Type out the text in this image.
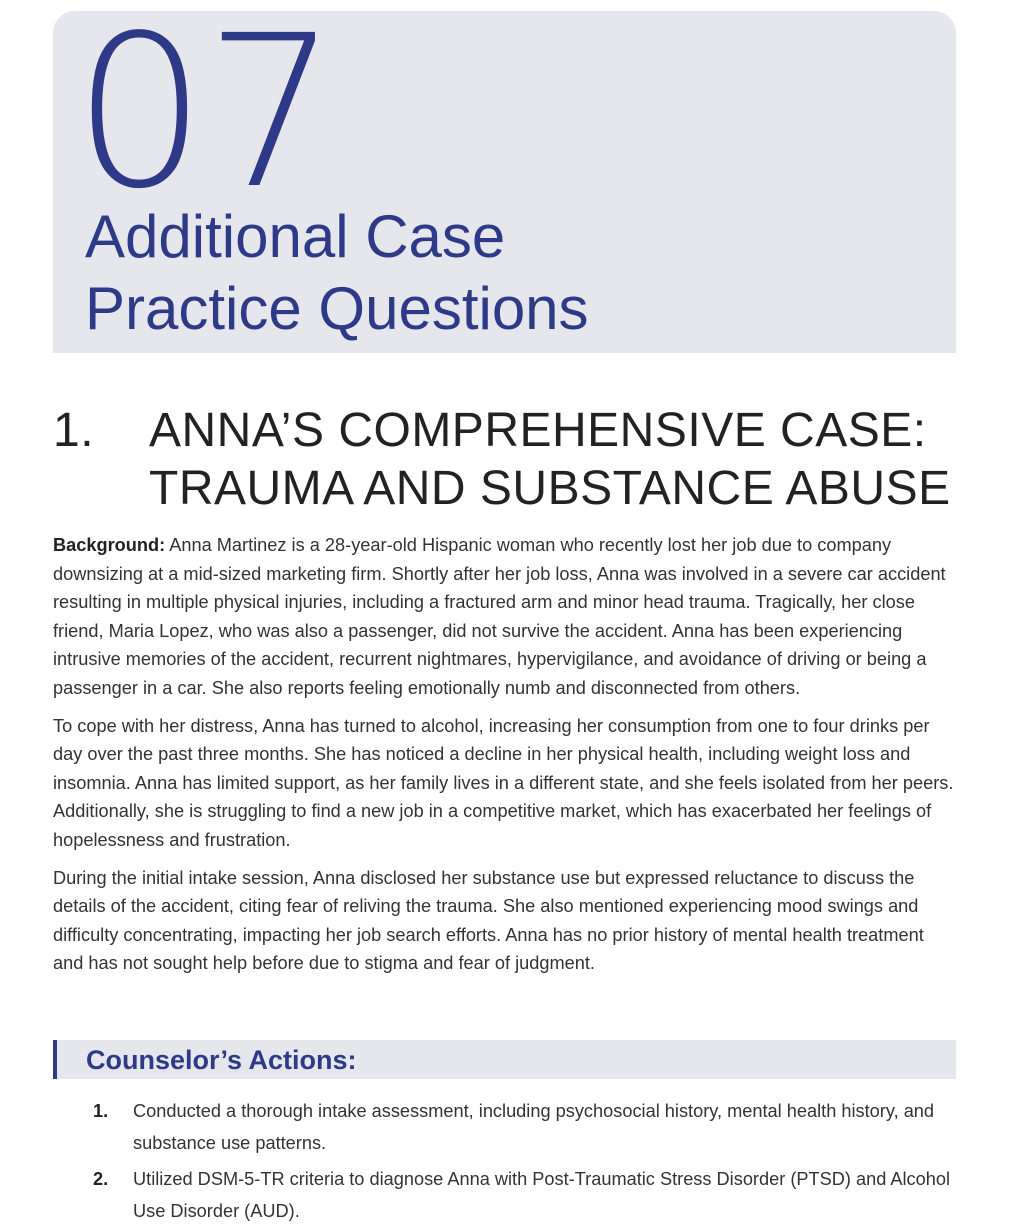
07
Additional Case
Practice Questions
1. ANNA’S COMPREHENSIVE CASE:
TRAUMA AND SUBSTANCE ABUSE

Background: Anna Martinez is a 28-year-old Hispanic woman who recently lost her job due to company downsizing at a mid-sized marketing firm. Shortly after her job loss, Anna was involved in a severe car accident resulting in multiple physical injuries, including a fractured arm and minor head trauma. Tragically, her close friend, Maria Lopez, who was also a passenger, did not survive the accident. Anna has been experiencing intrusive memories of the accident, recurrent nightmares, hypervigilance, and avoidance of driving or being a passenger in a car. She also reports feeling emotionally numb and disconnected from others.

To cope with her distress, Anna has turned to alcohol, increasing her consumption from one to four drinks per day over the past three months. She has noticed a decline in her physical health, including weight loss and insomnia. Anna has limited support, as her family lives in a different state, and she feels isolated from her peers. Additionally, she is struggling to find a new job in a competitive market, which has exacerbated her feelings of hopelessness and frustration.

During the initial intake session, Anna disclosed her substance use but expressed reluctance to discuss the details of the accident, citing fear of reliving the trauma. She also mentioned experiencing mood swings and difficulty concentrating, impacting her job search efforts. Anna has no prior history of mental health treatment and has not sought help before due to stigma and fear of judgment.

Counselor’s Actions:
1. Conducted a thorough intake assessment, including psychosocial history, mental health history, and substance use patterns.
2. Utilized DSM-5-TR criteria to diagnose Anna with Post-Traumatic Stress Disorder (PTSD) and Alcohol Use Disorder (AUD).
